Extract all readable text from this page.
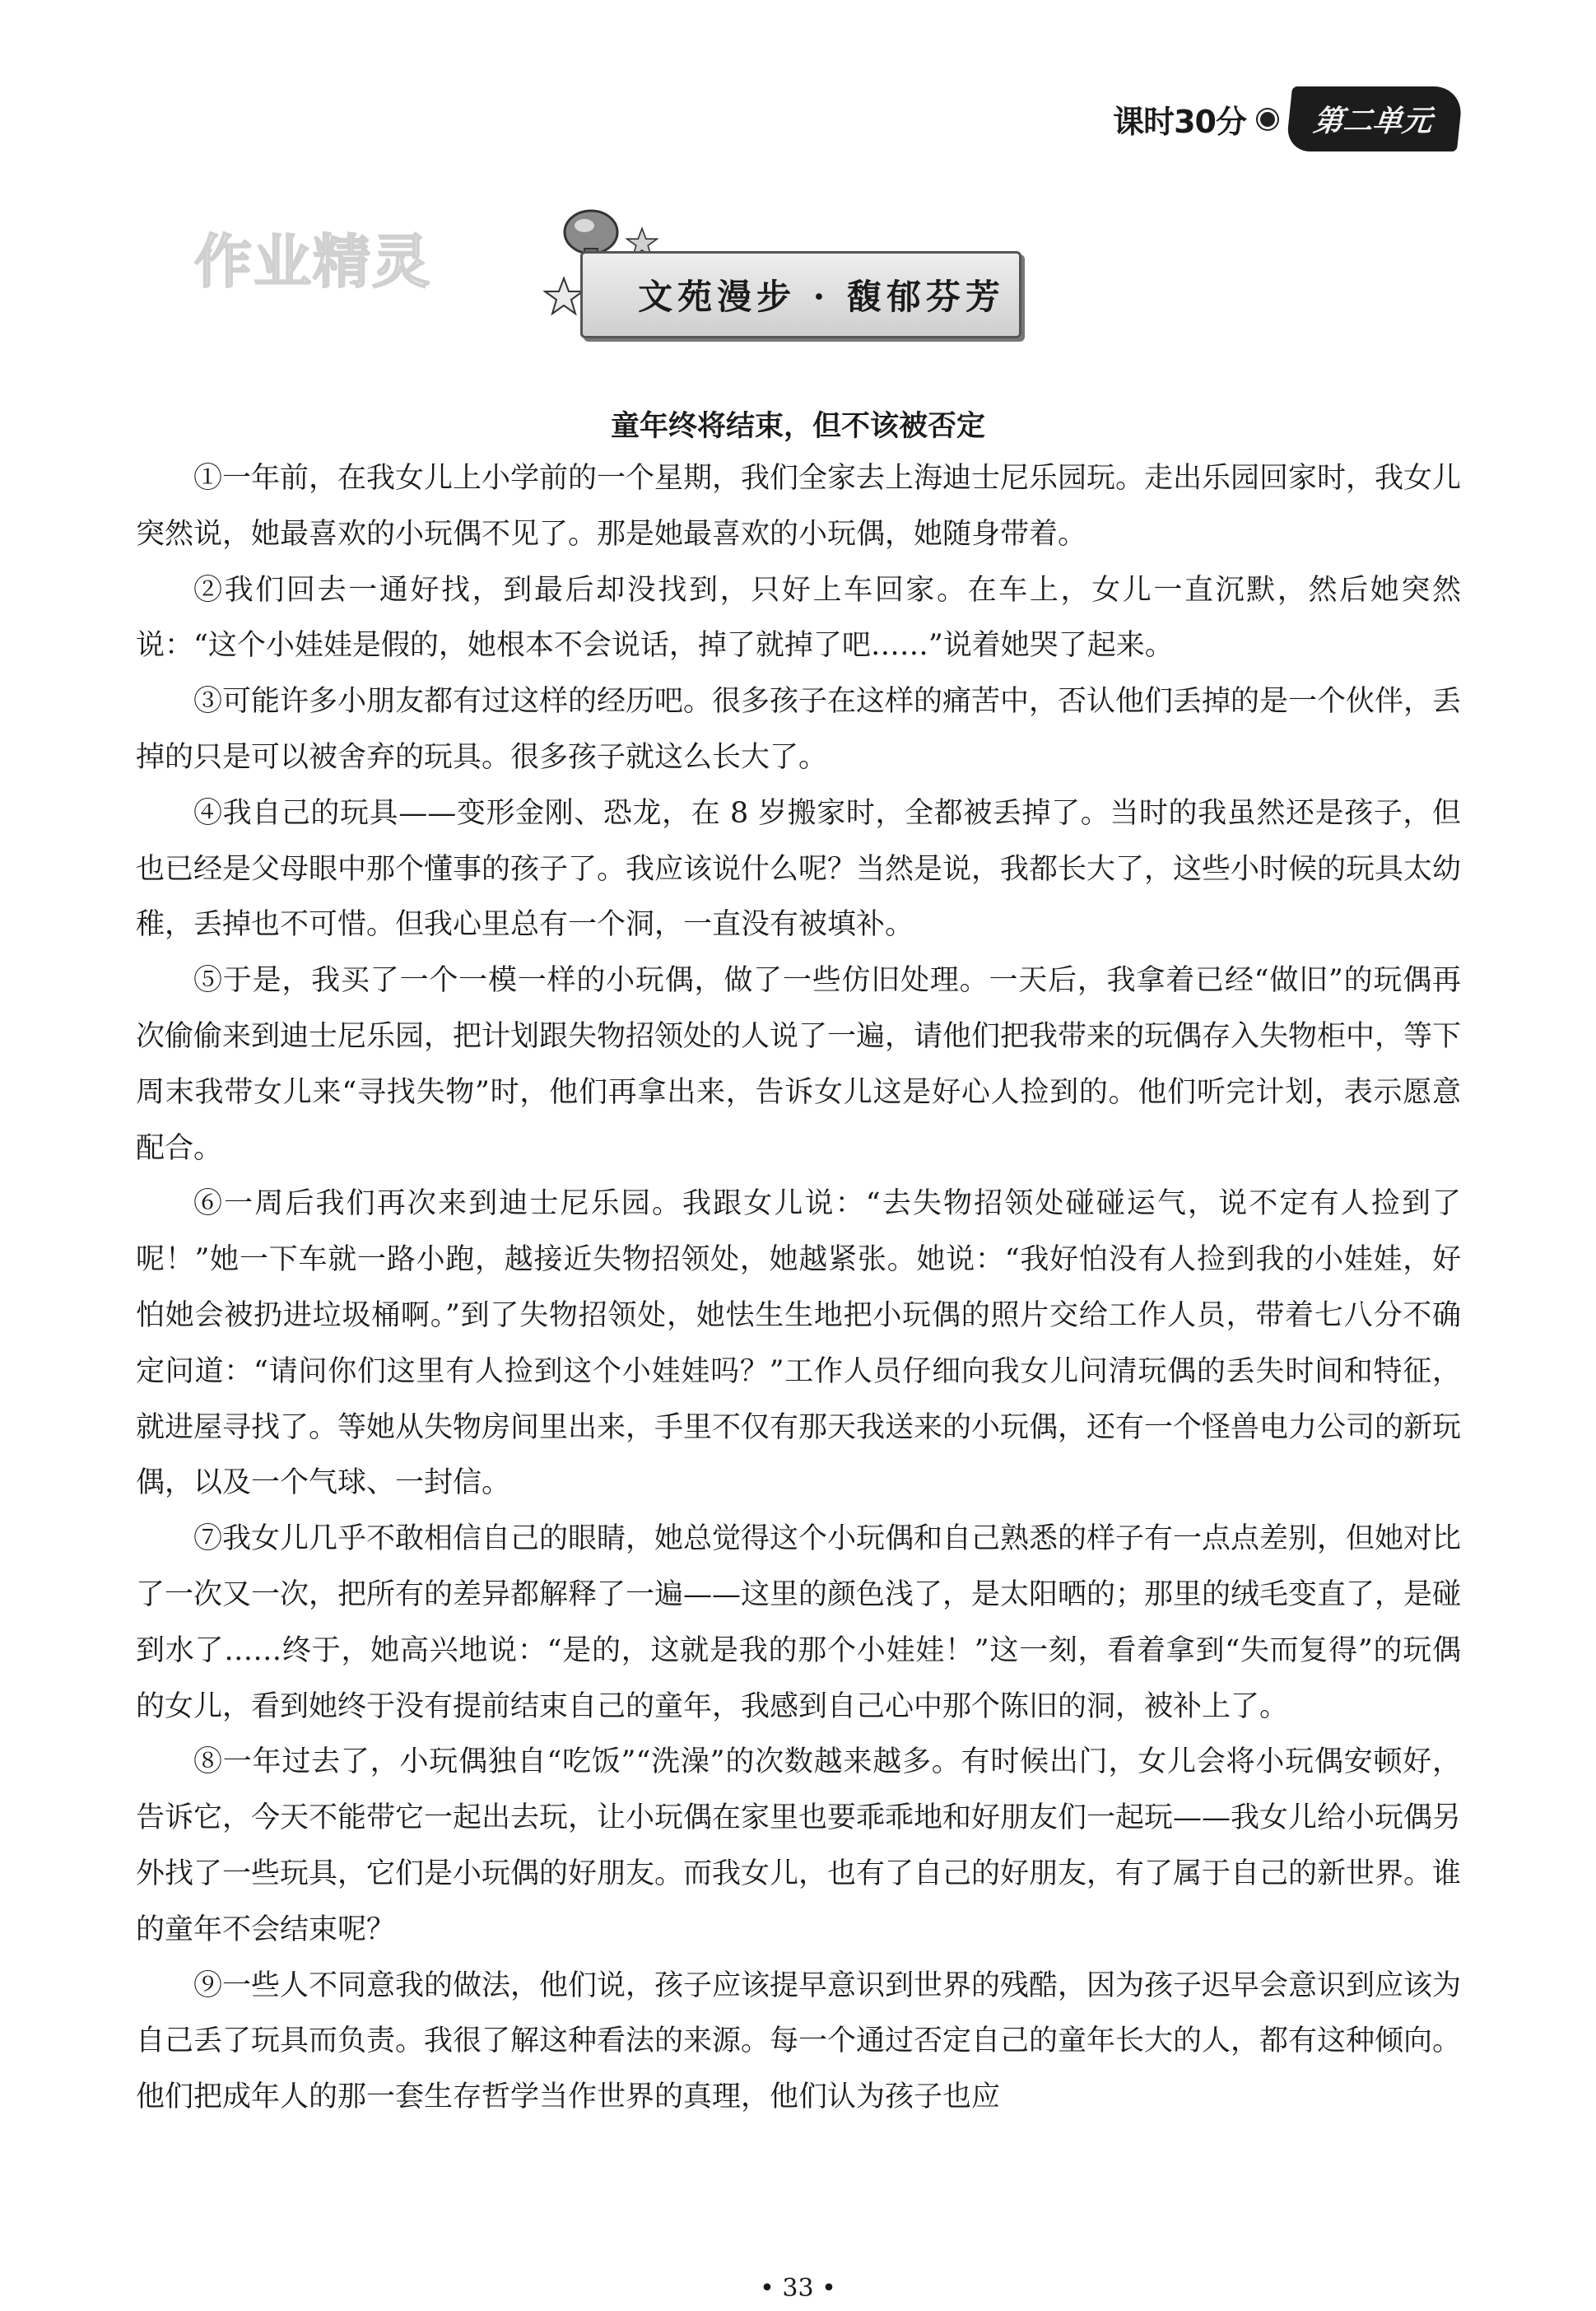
课时30分	第二单元
作业精灵
文苑漫步 · 馥郁芬芳
童年终将结束，但不该被否定

①一年前，在我女儿上小学前的一个星期，我们全家去上海迪士尼乐园玩。走出乐园回家时，我女儿突然说，她最喜欢的小玩偶不见了。那是她最喜欢的小玩偶，她随身带着。

②我们回去一通好找，到最后却没找到，只好上车回家。在车上，女儿一直沉默，然后她突然说：“这个小娃娃是假的，她根本不会说话，掉了就掉了吧……”说着她哭了起来。

③可能许多小朋友都有过这样的经历吧。很多孩子在这样的痛苦中，否认他们丢掉的是一个伙伴，丢掉的只是可以被舍弃的玩具。很多孩子就这么长大了。

④我自己的玩具——变形金刚、恐龙，在 8 岁搬家时，全都被丢掉了。当时的我虽然还是孩子，但也已经是父母眼中那个懂事的孩子了。我应该说什么呢？当然是说，我都长大了，这些小时候的玩具太幼稚，丢掉也不可惜。但我心里总有一个洞，一直没有被填补。

⑤于是，我买了一个一模一样的小玩偶，做了一些仿旧处理。一天后，我拿着已经“做旧”的玩偶再次偷偷来到迪士尼乐园，把计划跟失物招领处的人说了一遍，请他们把我带来的玩偶存入失物柜中，等下周末我带女儿来“寻找失物”时，他们再拿出来，告诉女儿这是好心人捡到的。他们听完计划，表示愿意配合。

⑥一周后我们再次来到迪士尼乐园。我跟女儿说：“去失物招领处碰碰运气，说不定有人捡到了呢！”她一下车就一路小跑，越接近失物招领处，她越紧张。她说：“我好怕没有人捡到我的小娃娃，好怕她会被扔进垃圾桶啊。”到了失物招领处，她怯生生地把小玩偶的照片交给工作人员，带着七八分不确定问道：“请问你们这里有人捡到这个小娃娃吗？”工作人员仔细向我女儿问清玩偶的丢失时间和特征，就进屋寻找了。等她从失物房间里出来，手里不仅有那天我送来的小玩偶，还有一个怪兽电力公司的新玩偶，以及一个气球、一封信。

⑦我女儿几乎不敢相信自己的眼睛，她总觉得这个小玩偶和自己熟悉的样子有一点点差别，但她对比了一次又一次，把所有的差异都解释了一遍——这里的颜色浅了，是太阳晒的；那里的绒毛变直了，是碰到水了……终于，她高兴地说：“是的，这就是我的那个小娃娃！”这一刻，看着拿到“失而复得”的玩偶的女儿，看到她终于没有提前结束自己的童年，我感到自己心中那个陈旧的洞，被补上了。

⑧一年过去了，小玩偶独自“吃饭”“洗澡”的次数越来越多。有时候出门，女儿会将小玩偶安顿好，告诉它，今天不能带它一起出去玩，让小玩偶在家里也要乖乖地和好朋友们一起玩——我女儿给小玩偶另外找了一些玩具，它们是小玩偶的好朋友。而我女儿，也有了自己的好朋友，有了属于自己的新世界。谁的童年不会结束呢？

⑨一些人不同意我的做法，他们说，孩子应该提早意识到世界的残酷，因为孩子迟早会意识到应该为自己丢了玩具而负责。我很了解这种看法的来源。每一个通过否定自己的童年长大的人，都有这种倾向。他们把成年人的那一套生存哲学当作世界的真理，他们认为孩子也应

• 33 •
